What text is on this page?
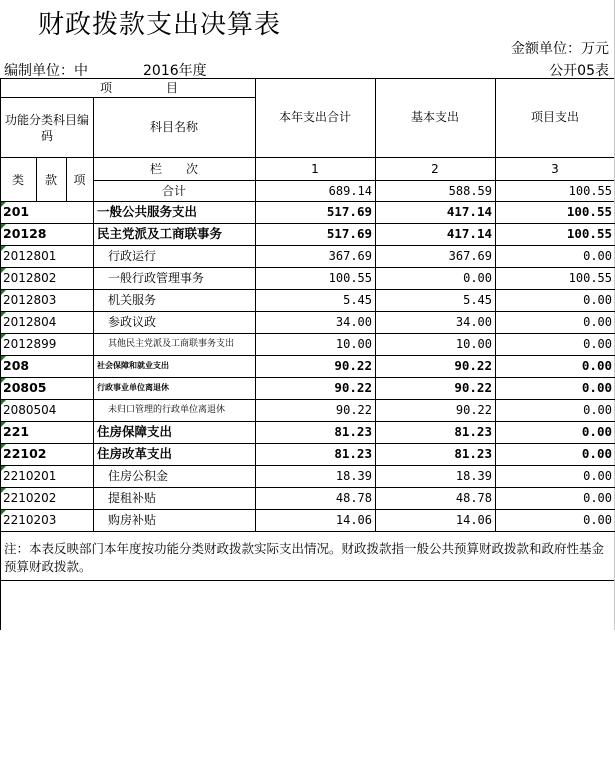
财政拨款支出决算表
金额单位：万元
编制单位：中	2016年度	公开05表
项	目
功能分类科目编码
科目名称
本年支出合计	基本支出	项目支出
类	款	项
栏　　次	1	2	3
合计	689.14	588.59	100.55
201	一般公共服务支出	517.69	417.14	100.55
20128	民主党派及工商联事务	517.69	417.14	100.55
2012801	行政运行	367.69	367.69	0.00
2012802	一般行政管理事务	100.55	0.00	100.55
2012803	机关服务	5.45	5.45	0.00
2012804	参政议政	34.00	34.00	0.00
2012899	其他民主党派及工商联事务支出	10.00	10.00	0.00
208	社会保障和就业支出	90.22	90.22	0.00
20805	行政事业单位离退休	90.22	90.22	0.00
2080504	未归口管理的行政单位离退休	90.22	90.22	0.00
221	住房保障支出	81.23	81.23	0.00
22102	住房改革支出	81.23	81.23	0.00
2210201	住房公积金	18.39	18.39	0.00
2210202	提租补贴	48.78	48.78	0.00
2210203	购房补贴	14.06	14.06	0.00
注：本表反映部门本年度按功能分类财政拨款实际支出情况。财政拨款指一般公共预算财政拨款和政府性基金预算财政拨款。
